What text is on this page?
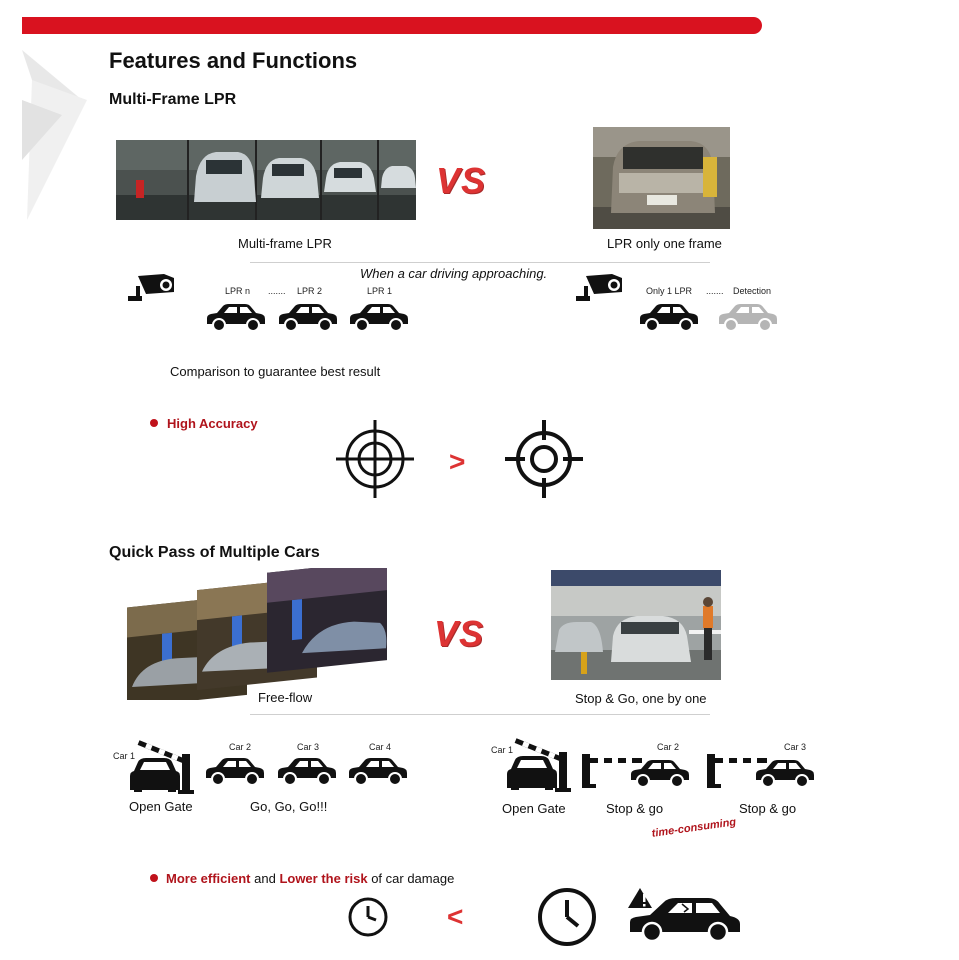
Features and Functions
Multi-Frame LPR
VS
Multi-frame LPR	LPR only one frame
When a car driving approaching.
LPR n ....... LPR 2	LPR 1	Only 1 LPR ....... Detection
Comparison to guarantee best result
High Accuracy
>
Quick Pass of Multiple Cars
VS
Free-flow	Stop & Go, one by one
Car 1
Car 2	Car 3	Car 4
Open Gate	Go, Go, Go!!!
Car 1	Car 2	Car 3
Open Gate	Stop & go	Stop & go
time-consuming
More efficient and Lower the risk of car damage
<
